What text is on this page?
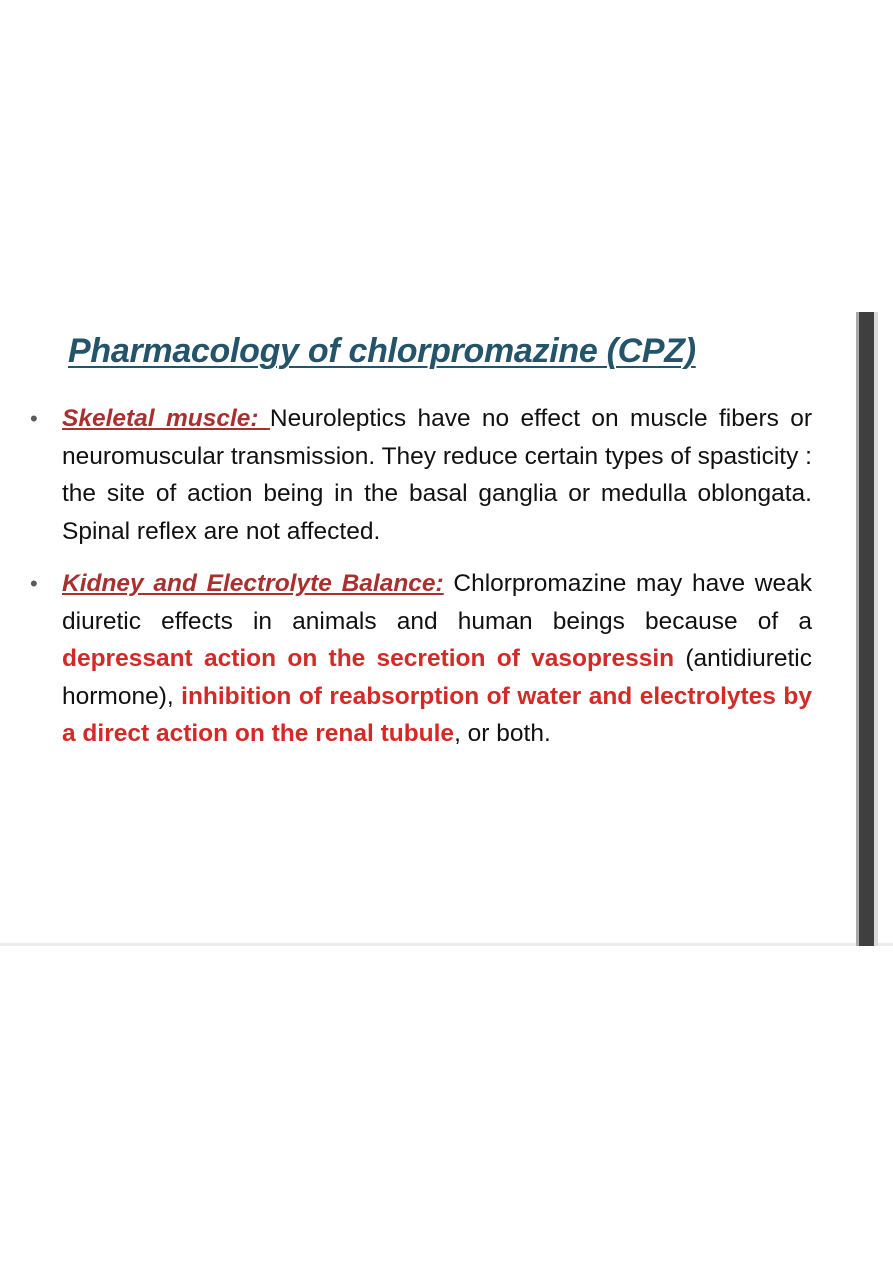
Pharmacology of chlorpromazine (CPZ)
• Skeletal muscle: Neuroleptics have no effect on muscle fibers or neuromuscular transmission. They reduce certain types of spasticity : the site of action being in the basal ganglia or medulla oblongata. Spinal reflex are not affected.
• Kidney and Electrolyte Balance: Chlorpromazine may have weak diuretic effects in animals and human beings because of a depressant action on the secretion of vasopressin (antidiuretic hormone), inhibition of reabsorption of water and electrolytes by a direct action on the renal tubule, or both.
